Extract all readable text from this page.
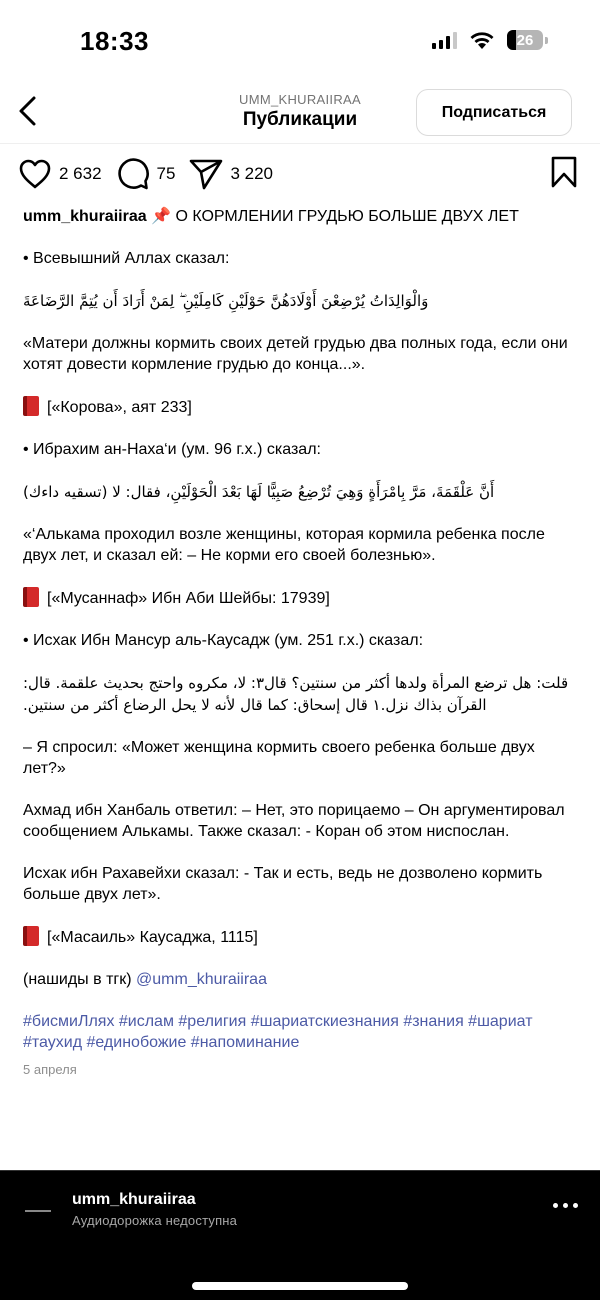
18:33	26
UMM_KHURAIIRAA
Публикации	Подписаться
2 632	75	3 220

umm_khuraiiraa 📌 О КОРМЛЕНИИ ГРУДЬЮ БОЛЬШЕ ДВУХ ЛЕТ

• Всевышний Аллах сказал:

وَالْوَالِدَاتُ يُرْضِعْنَ أَوْلَادَهُنَّ حَوْلَيْنِ كَامِلَيْنِ ۖ لِمَنْ أَرَادَ أَن يُتِمَّ الرَّضَاعَةَ

«Матери должны кормить своих детей грудью два полных года, если они хотят довести кормление грудью до конца...».

[«Корова», аят 233]

• Ибрахим ан-Наха‘и (ум. 96 г.х.) сказал:

أَنَّ عَلْقَمَةَ، مَرَّ بِامْرَأَةٍ وَهِيَ تُرْضِعُ صَبِيًّا لَهَا بَعْدَ الْحَوْلَيْنِ، فقال: لا (تسقيه داءك)

«‘Алькама проходил возле женщины, которая кормила ребенка после двух лет, и сказал ей: – Не корми его своей болезнью».

[«Мусаннаф» Ибн Аби Шейбы: 17939]

• Исхак Ибн Мансур аль-Каусадж (ум. 251 г.х.) сказал:

قلت: هل ترضع المرأة ولدها أكثر من سنتين؟ قال٣: لا، مكروه واحتج بحديث علقمة. قال: القرآن بذاك نزل.١ قال إسحاق: كما قال لأنه لا يحل الرضاع أكثر من سنتين.

– Я спросил: «Может женщина кормить своего ребенка больше двух лет?»

Ахмад ибн Ханбаль ответил: – Нет, это порицаемо – Он аргументировал сообщением Алькамы. Также сказал: - Коран об этом ниспослан.

Исхак ибн Рахавейхи сказал: - Так и есть, ведь не дозволено кормить больше двух лет».

[«Масаиль» Каусаджа, 1115]

(нашиды в тгк) @umm_khuraiiraa

#бисмиЛлях #ислам #религия #шариатскиезнания #знания #шариат #таухид #единобожие #напоминание

5 апреля
umm_khuraiiraa
Аудиодорожка недоступна
